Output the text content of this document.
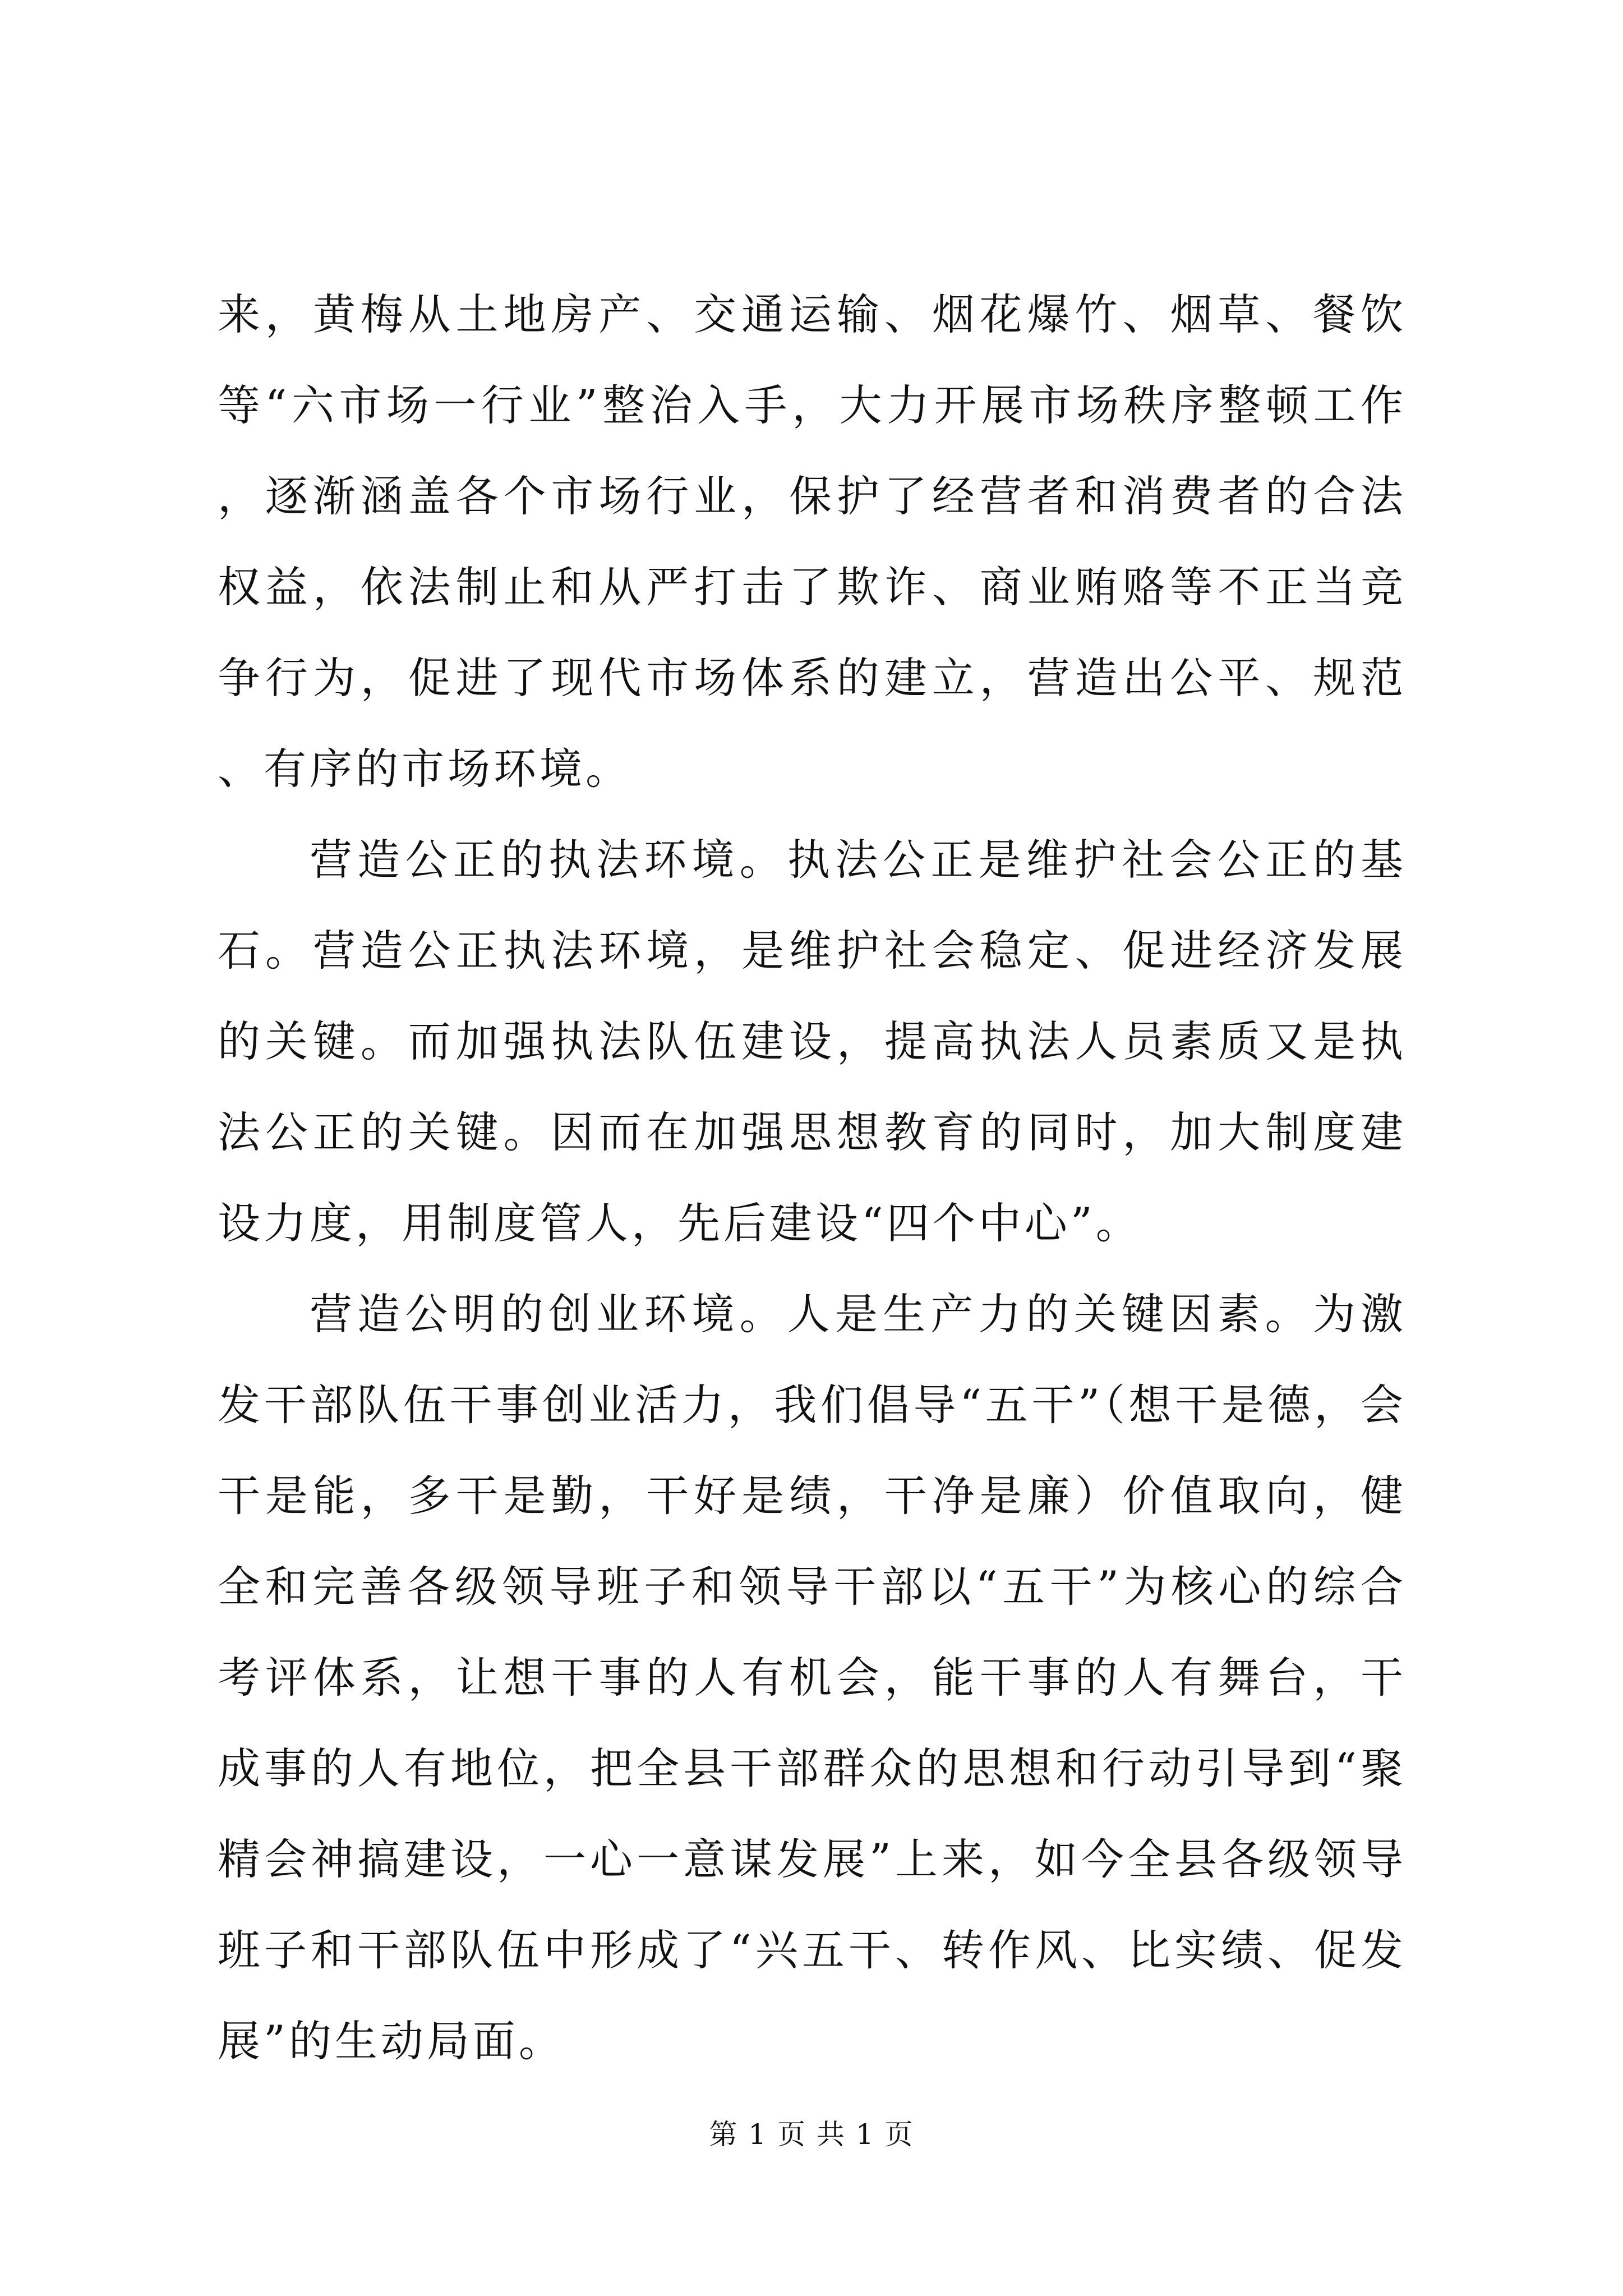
来，黄梅从土地房产、交通运输、烟花爆竹、烟草、餐饮等“六市场一行业”整治入手，大力开展市场秩序整顿工作，逐渐涵盖各个市场行业，保护了经营者和消费者的合法权益，依法制止和从严打击了欺诈、商业贿赂等不正当竞争行为，促进了现代市场体系的建立，营造出公平、规范、有序的市场环境。

营造公正的执法环境。执法公正是维护社会公正的基石。营造公正执法环境，是维护社会稳定、促进经济发展的关键。而加强执法队伍建设，提高执法人员素质又是执法公正的关键。因而在加强思想教育的同时，加大制度建设力度，用制度管人，先后建设“四个中心”。

营造公明的创业环境。人是生产力的关键因素。为激发干部队伍干事创业活力，我们倡导“五干”（想干是德，会干是能，多干是勤，干好是绩，干净是廉）价值取向，健全和完善各级领导班子和领导干部以“五干”为核心的综合考评体系，让想干事的人有机会，能干事的人有舞台，干成事的人有地位，把全县干部群众的思想和行动引导到“聚精会神搞建设，一心一意谋发展”上来，如今全县各级领导班子和干部队伍中形成了“兴五干、转作风、比实绩、促发展”的生动局面。

第 1 页 共 1 页
